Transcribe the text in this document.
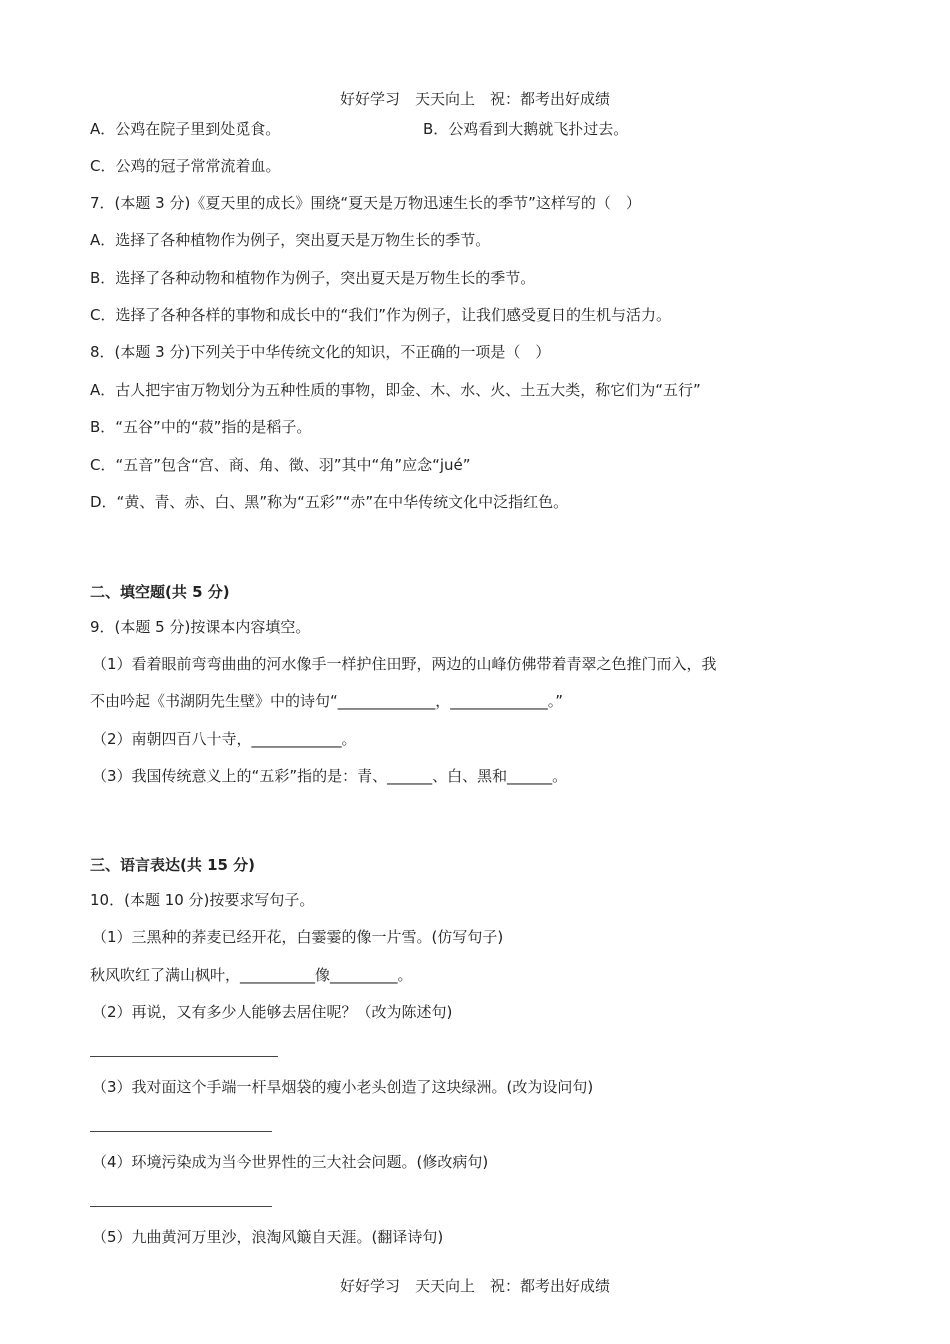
好好学习　天天向上　祝：都考出好成绩
A．公鸡在院子里到处觅食。	B．公鸡看到大鹅就飞扑过去。
C．公鸡的冠子常常流着血。
7．(本题 3 分)《夏天里的成长》围绕“夏天是万物迅速生长的季节”这样写的（　）
A．选择了各种植物作为例子，突出夏天是万物生长的季节。
B．选择了各种动物和植物作为例子，突出夏天是万物生长的季节。
C．选择了各种各样的事物和成长中的“我们”作为例子，让我们感受夏日的生机与活力。
8．(本题 3 分)下列关于中华传统文化的知识，不正确的一项是（　）
A．古人把宇宙万物划分为五种性质的事物，即金、木、水、火、土五大类，称它们为“五行”
B．“五谷”中的“菽”指的是稻子。
C．“五音”包含“宫、商、角、徵、羽”其中“角”应念“jué”
D．“黄、青、赤、白、黑”称为“五彩”“赤”在中华传统文化中泛指红色。
二、填空题(共 5 分)
9．(本题 5 分)按课本内容填空。
（1）看着眼前弯弯曲曲的河水像手一样护住田野，两边的山峰仿佛带着青翠之色推门而入，我
不由吟起《书湖阴先生壁》中的诗句“_____________，_____________。”
（2）南朝四百八十寺，____________。
（3）我国传统意义上的“五彩”指的是：青、______、白、黑和______。
三、语言表达(共 15 分)
10．(本题 10 分)按要求写句子。
（1）三黑种的荞麦已经开花，白霎霎的像一片雪。(仿写句子)
秋风吹红了满山枫叶，__________像_________。
（2）再说，又有多少人能够去居住呢？（改为陈述句)
（3）我对面这个手端一杆旱烟袋的瘦小老头创造了这块绿洲。(改为设问句)
（4）环境污染成为当今世界性的三大社会问题。(修改病句)
（5）九曲黄河万里沙，浪淘风簸自天涯。(翻译诗句)
好好学习　天天向上　祝：都考出好成绩
